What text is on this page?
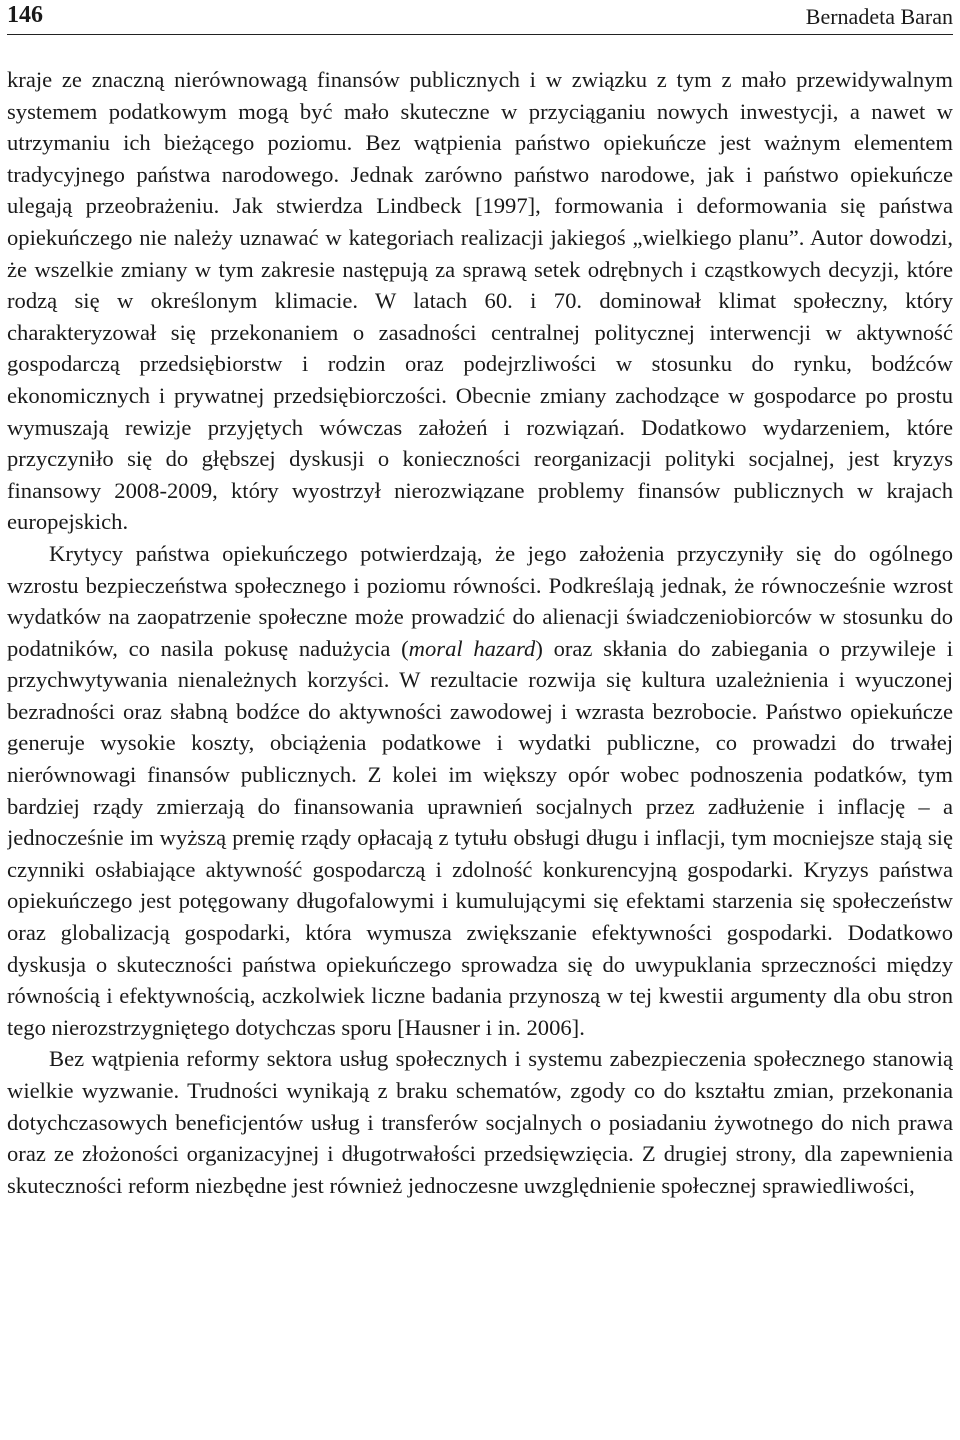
146	Bernadeta Baran

kraje ze znaczną nierównowagą finansów publicznych i w związku z tym z mało przewidywalnym systemem podatkowym mogą być mało skuteczne w przyciąganiu nowych inwestycji, a nawet w utrzymaniu ich bieżącego poziomu. Bez wątpienia państwo opiekuńcze jest ważnym elementem tradycyjnego państwa narodowego. Jednak zarówno państwo narodowe, jak i państwo opiekuńcze ulegają przeobrażeniu. Jak stwierdza Lindbeck [1997], formowania i deformowania się państwa opiekuńczego nie należy uznawać w kategoriach realizacji jakiegoś „wielkiego planu”. Autor dowodzi, że wszelkie zmiany w tym zakresie następują za sprawą setek odrębnych i cząstkowych decyzji, które rodzą się w określonym klimacie. W latach 60. i 70. dominował klimat społeczny, który charakteryzował się przekonaniem o zasadności centralnej politycznej interwencji w aktywność gospodarczą przedsiębiorstw i rodzin oraz podejrzliwości w stosunku do rynku, bodźców ekonomicznych i prywatnej przedsiębiorczości. Obecnie zmiany zachodzące w gospodarce po prostu wymuszają rewizje przyjętych wówczas założeń i rozwiązań. Dodatkowo wydarzeniem, które przyczyniło się do głębszej dyskusji o konieczności reorganizacji polityki socjalnej, jest kryzys finansowy 2008-2009, który wyostrzył nierozwiązane problemy finansów publicznych w krajach europejskich.

Krytycy państwa opiekuńczego potwierdzają, że jego założenia przyczyniły się do ogólnego wzrostu bezpieczeństwa społecznego i poziomu równości. Podkreślają jednak, że równocześnie wzrost wydatków na zaopatrzenie społeczne może prowadzić do alienacji świadczeniobiorców w stosunku do podatników, co nasila pokusę nadużycia (moral hazard) oraz skłania do zabiegania o przywileje i przychwytywania nienależnych korzyści. W rezultacie rozwija się kultura uzależnienia i wyuczonej bezradności oraz słabną bodźce do aktywności zawodowej i wzrasta bezrobocie. Państwo opiekuńcze generuje wysokie koszty, obciążenia podatkowe i wydatki publiczne, co prowadzi do trwałej nierównowagi finansów publicznych. Z kolei im większy opór wobec podnoszenia podatków, tym bardziej rządy zmierzają do finansowania uprawnień socjalnych przez zadłużenie i inflację – a jednocześnie im wyższą premię rządy opłacają z tytułu obsługi długu i inflacji, tym mocniejsze stają się czynniki osłabiające aktywność gospodarczą i zdolność konkurencyjną gospodarki. Kryzys państwa opiekuńczego jest potęgowany długofalowymi i kumulującymi się efektami starzenia się społeczeństw oraz globalizacją gospodarki, która wymusza zwiększanie efektywności gospodarki. Dodatkowo dyskusja o skuteczności państwa opiekuńczego sprowadza się do uwypuklania sprzeczności między równością i efektywnością, aczkolwiek liczne badania przynoszą w tej kwestii argumenty dla obu stron tego nierozstrzygniętego dotychczas sporu [Hausner i in. 2006].

Bez wątpienia reformy sektora usług społecznych i systemu zabezpieczenia społecznego stanowią wielkie wyzwanie. Trudności wynikają z braku schematów, zgody co do kształtu zmian, przekonania dotychczasowych beneficjentów usług i transferów socjalnych o posiadaniu żywotnego do nich prawa oraz ze złożoności organizacyjnej i długotrwałości przedsięwzięcia. Z drugiej strony, dla zapewnienia skuteczności reform niezbędne jest również jednoczesne uwzględnienie społecznej sprawiedliwości,
